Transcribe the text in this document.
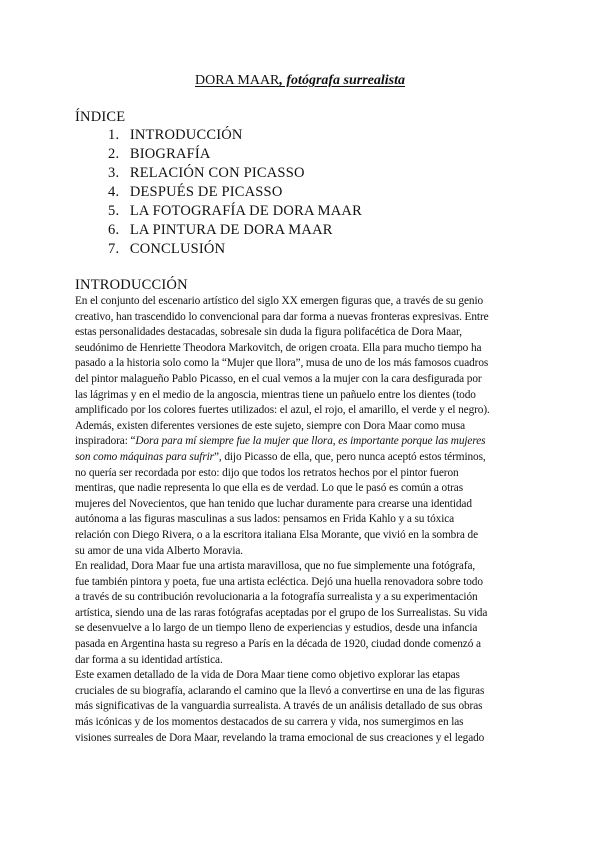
DORA MAAR, fotógrafa surrealista
ÍNDICE
1. INTRODUCCIÓN
2. BIOGRAFÍA
3. RELACIÓN CON PICASSO
4. DESPUÉS DE PICASSO
5. LA FOTOGRAFÍA DE DORA MAAR
6. LA PINTURA DE DORA MAAR
7. CONCLUSIÓN
INTRODUCCIÓN
En el conjunto del escenario artístico del siglo XX emergen figuras que, a través de su genio
creativo, han trascendido lo convencional para dar forma a nuevas fronteras expresivas. Entre
estas personalidades destacadas, sobresale sin duda la figura polifacética de Dora Maar,
seudónimo de Henriette Theodora Markovitch, de origen croata. Ella para mucho tiempo ha
pasado a la historia solo como la “Mujer que llora”, musa de uno de los más famosos cuadros
del pintor malagueño Pablo Picasso, en el cual vemos a la mujer con la cara desfigurada por
las lágrimas y en el medio de la angoscia, mientras tiene un pañuelo entre los dientes (todo
amplificado por los colores fuertes utilizados: el azul, el rojo, el amarillo, el verde y el negro).
Además, existen diferentes versiones de este sujeto, siempre con Dora Maar como musa
inspiradora: “Dora para mí siempre fue la mujer que llora, es importante porque las mujeres
son como máquinas para sufrir”, dijo Picasso de ella, que, pero nunca aceptó estos términos,
no quería ser recordada por esto: dijo que todos los retratos hechos por el pintor fueron
mentiras, que nadie representa lo que ella es de verdad. Lo que le pasó es común a otras
mujeres del Novecientos, que han tenido que luchar duramente para crearse una identidad
autónoma a las figuras masculinas a sus lados: pensamos en Frida Kahlo y a su tóxica
relación con Diego Rivera, o a la escritora italiana Elsa Morante, que vivió en la sombra de
su amor de una vida Alberto Moravia.
En realidad, Dora Maar fue una artista maravillosa, que no fue simplemente una fotógrafa,
fue también pintora y poeta, fue una artista ecléctica. Dejó una huella renovadora sobre todo
a través de su contribución revolucionaria a la fotografía surrealista y a su experimentación
artística, siendo una de las raras fotógrafas aceptadas por el grupo de los Surrealistas. Su vida
se desenvuelve a lo largo de un tiempo lleno de experiencias y estudios, desde una infancia
pasada en Argentina hasta su regreso a París en la década de 1920, ciudad donde comenzó a
dar forma a su identidad artística.
Este examen detallado de la vida de Dora Maar tiene como objetivo explorar las etapas
cruciales de su biografía, aclarando el camino que la llevó a convertirse en una de las figuras
más significativas de la vanguardia surrealista. A través de un análisis detallado de sus obras
más icónicas y de los momentos destacados de su carrera y vida, nos sumergimos en las
visiones surreales de Dora Maar, revelando la trama emocional de sus creaciones y el legado
